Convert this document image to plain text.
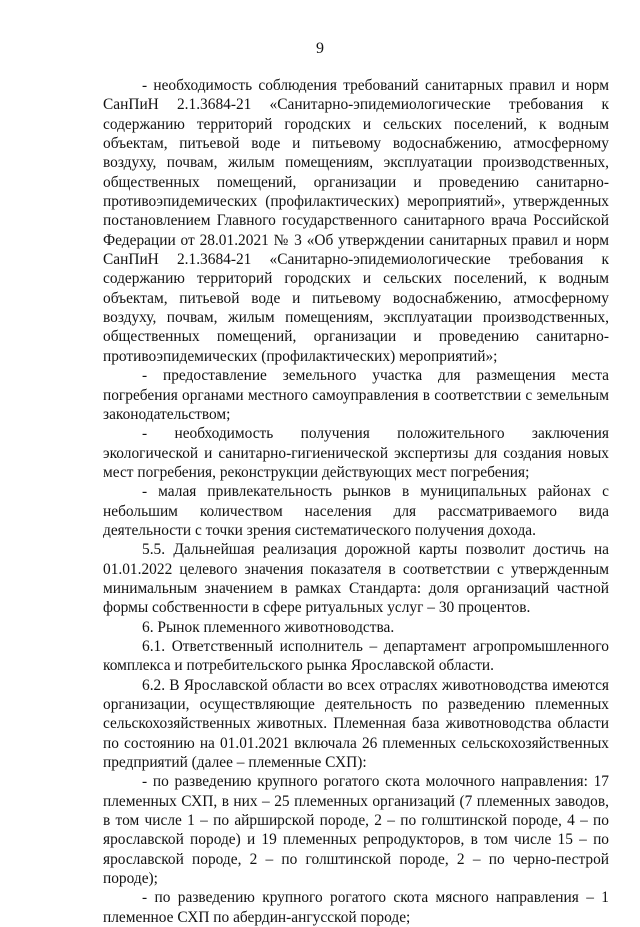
9

- необходимость соблюдения требований санитарных правил и норм СанПиН 2.1.3684-21 «Санитарно-эпидемиологические требования к содержанию территорий городских и сельских поселений, к водным объектам, питьевой воде и питьевому водоснабжению, атмосферному воздуху, почвам, жилым помещениям, эксплуатации производственных, общественных помещений, организации и проведению санитарно-противоэпидемических (профилактических) мероприятий», утвержденных постановлением Главного государственного санитарного врача Российской Федерации от 28.01.2021 № 3 «Об утверждении санитарных правил и норм СанПиН 2.1.3684-21 «Санитарно-эпидемиологические требования к содержанию территорий городских и сельских поселений, к водным объектам, питьевой воде и питьевому водоснабжению, атмосферному воздуху, почвам, жилым помещениям, эксплуатации производственных, общественных помещений, организации и проведению санитарно-противоэпидемических (профилактических) мероприятий»;

- предоставление земельного участка для размещения места погребения органами местного самоуправления в соответствии с земельным законодательством;

- необходимость получения положительного заключения экологической и санитарно-гигиенической экспертизы для создания новых мест погребения, реконструкции действующих мест погребения;

- малая привлекательность рынков в муниципальных районах с небольшим количеством населения для рассматриваемого вида деятельности с точки зрения систематического получения дохода.

5.5. Дальнейшая реализация дорожной карты позволит достичь на 01.01.2022 целевого значения показателя в соответствии с утвержденным минимальным значением в рамках Стандарта: доля организаций частной формы собственности в сфере ритуальных услуг – 30 процентов.

6. Рынок племенного животноводства.

6.1. Ответственный исполнитель – департамент агропромышленного комплекса и потребительского рынка Ярославской области.

6.2. В Ярославской области во всех отраслях животноводства имеются организации, осуществляющие деятельность по разведению племенных сельскохозяйственных животных. Племенная база животноводства области по состоянию на 01.01.2021 включала 26 племенных сельскохозяйственных предприятий (далее – племенные СХП):

- по разведению крупного рогатого скота молочного направления: 17 племенных СХП, в них – 25 племенных организаций (7 племенных заводов, в том числе 1 – по айрширской породе, 2 – по голштинской породе, 4 – по ярославской породе) и 19 племенных репродукторов, в том числе 15 – по ярославской породе, 2 – по голштинской породе, 2 – по черно-пестрой породе);

- по разведению крупного рогатого скота мясного направления – 1 племенное СХП по абердин-ангусской породе;
